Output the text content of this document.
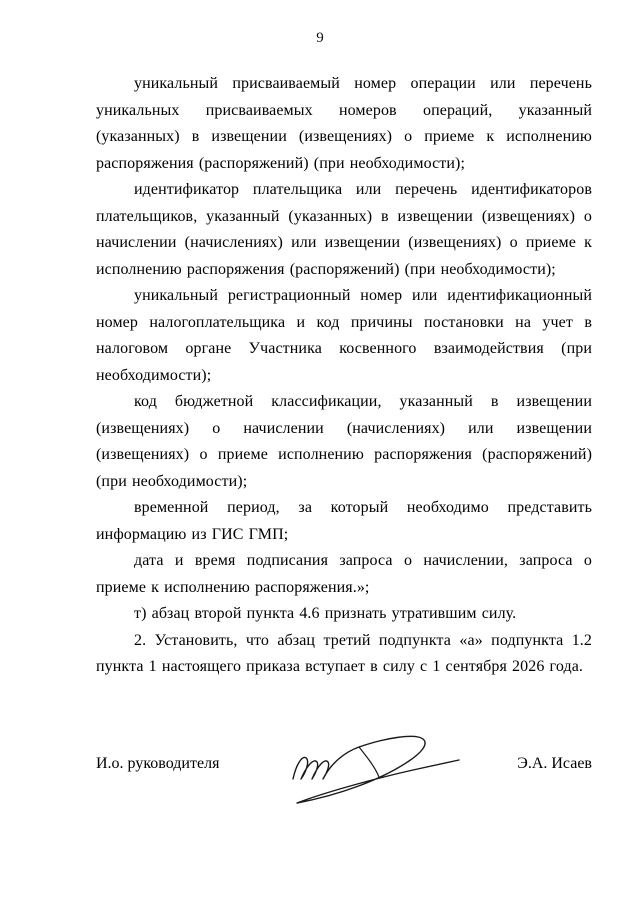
9

уникальный присваиваемый номер операции или перечень уникальных присваиваемых номеров операций, указанный (указанных) в извещении (извещениях) о приеме к исполнению распоряжения (распоряжений) (при необходимости);

идентификатор плательщика или перечень идентификаторов плательщиков, указанный (указанных) в извещении (извещениях) о начислении (начислениях) или извещении (извещениях) о приеме к исполнению распоряжения (распоряжений) (при необходимости);

уникальный регистрационный номер или идентификационный номер налогоплательщика и код причины постановки на учет в налоговом органе Участника косвенного взаимодействия (при необходимости);

код бюджетной классификации, указанный в извещении (извещениях) о начислении (начислениях) или извещении (извещениях) о приеме исполнению распоряжения (распоряжений) (при необходимости);

временной период, за который необходимо представить информацию из ГИС ГМП;

дата и время подписания запроса о начислении, запроса о приеме к исполнению распоряжения.»;

т) абзац второй пункта 4.6 признать утратившим силу.

2. Установить, что абзац третий подпункта «а» подпункта 1.2 пункта 1 настоящего приказа вступает в силу с 1 сентября 2026 года.

И.о. руководителя	Э.А. Исаев
